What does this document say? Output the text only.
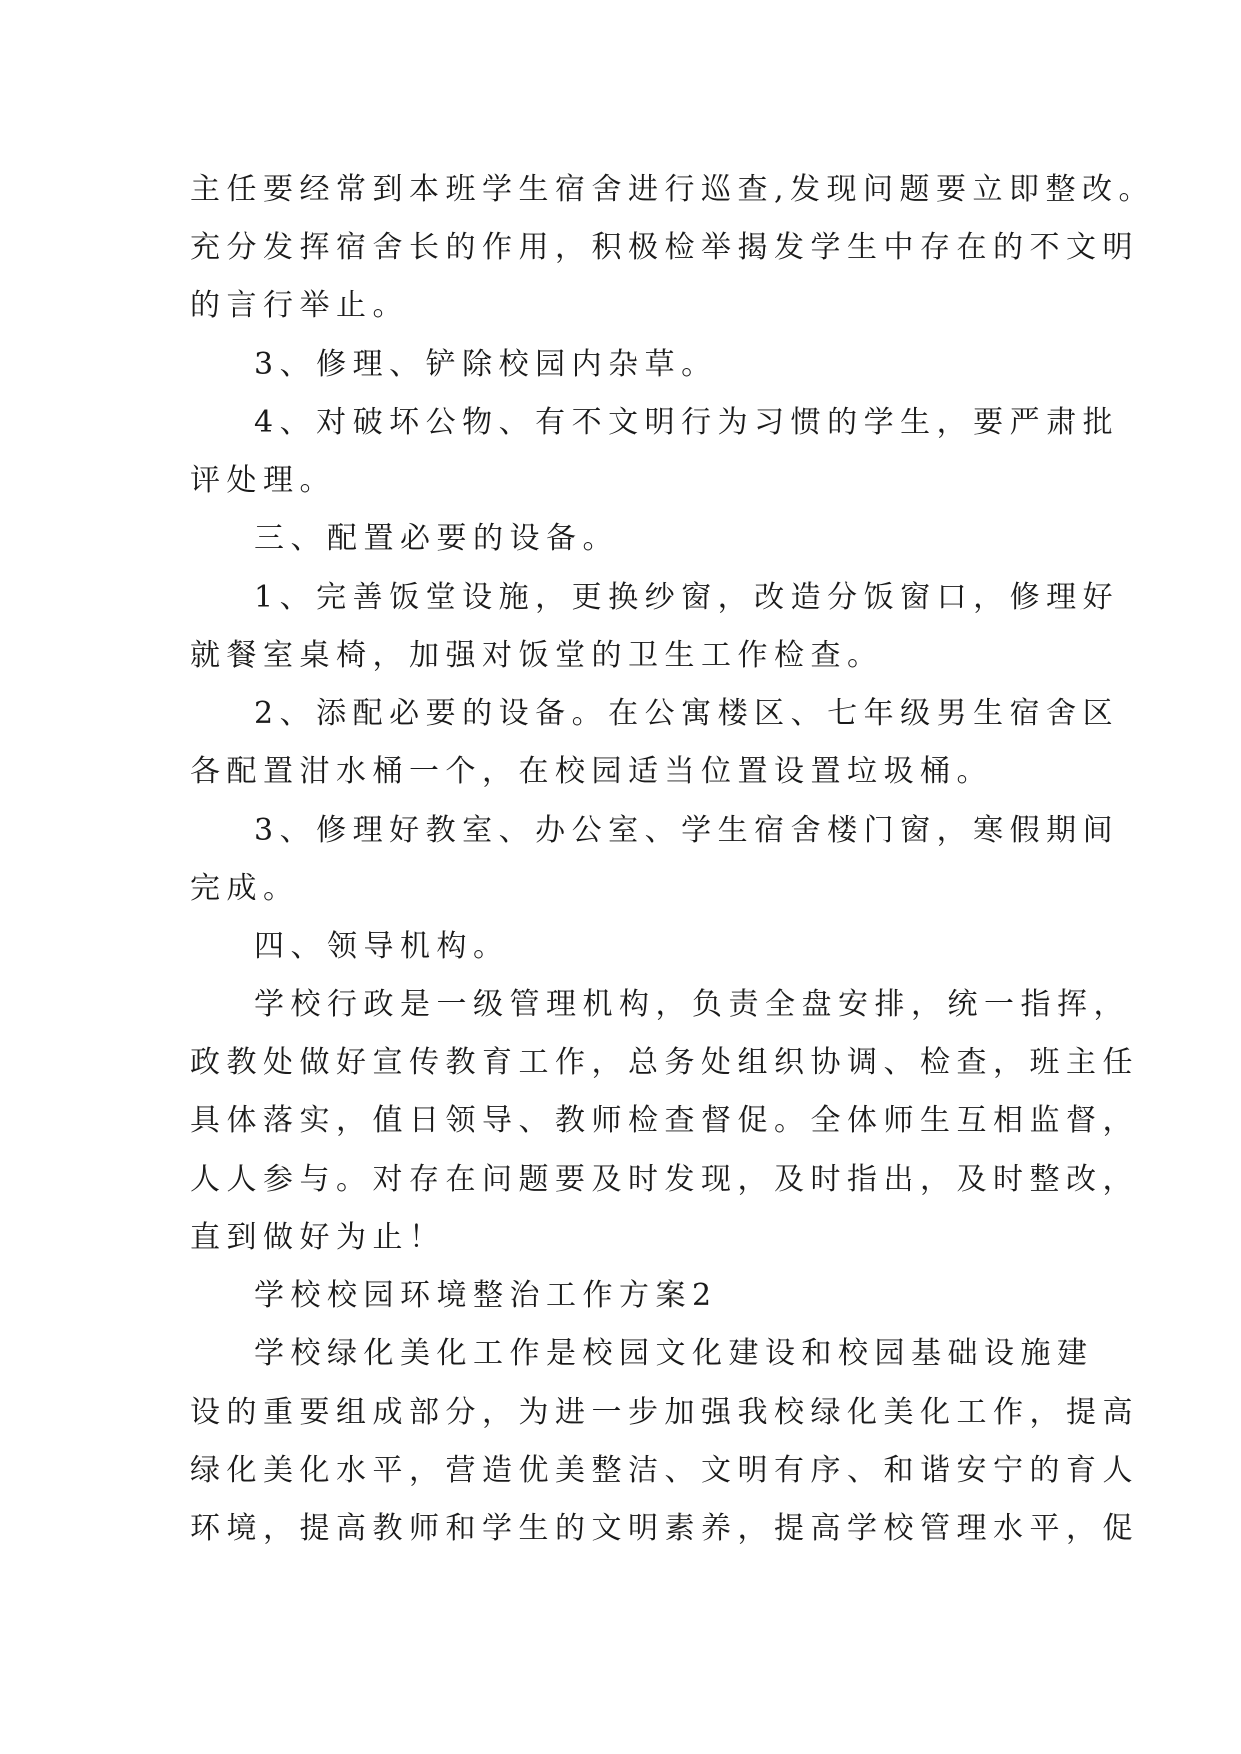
主任要经常到本班学生宿舍进行巡查,发现问题要立即整改。
充分发挥宿舍长的作用，积极检举揭发学生中存在的不文明
的言行举止。
3、修理、铲除校园内杂草。
4、对破坏公物、有不文明行为习惯的学生，要严肃批
评处理。
三、配置必要的设备。
1、完善饭堂设施，更换纱窗，改造分饭窗口，修理好
就餐室桌椅，加强对饭堂的卫生工作检查。
2、添配必要的设备。在公寓楼区、七年级男生宿舍区
各配置泔水桶一个，在校园适当位置设置垃圾桶。
3、修理好教室、办公室、学生宿舍楼门窗，寒假期间
完成。
四、领导机构。
学校行政是一级管理机构，负责全盘安排，统一指挥，
政教处做好宣传教育工作，总务处组织协调、检查，班主任
具体落实，值日领导、教师检查督促。全体师生互相监督，
人人参与。对存在问题要及时发现，及时指出，及时整改，
直到做好为止！
学校校园环境整治工作方案2
学校绿化美化工作是校园文化建设和校园基础设施建
设的重要组成部分，为进一步加强我校绿化美化工作，提高
绿化美化水平，营造优美整洁、文明有序、和谐安宁的育人
环境，提高教师和学生的文明素养，提高学校管理水平，促
